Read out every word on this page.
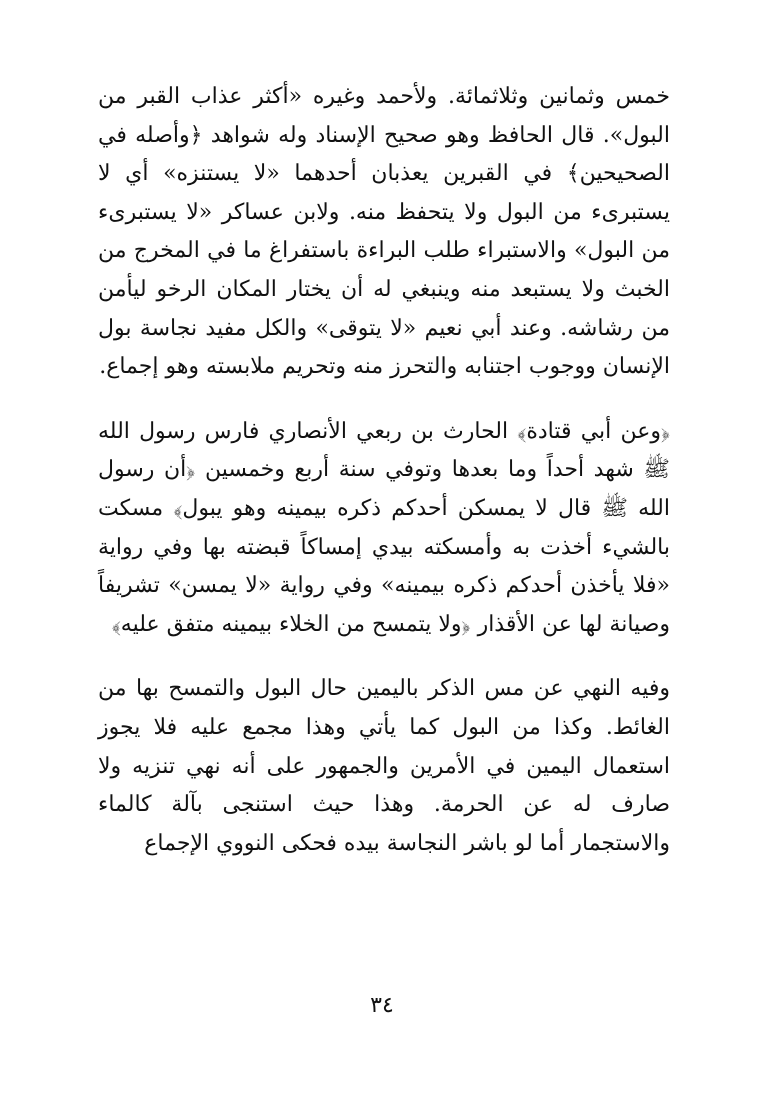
خمس وثمانين وثلاثمائة. ولأحمد وغيره «أكثر عذاب القبر من البول». قال الحافظ وهو صحيح الإسناد وله شواهد ﴿وأصله في الصحيحين﴾ في القبرين يعذبان أحدهما «لا يستنزه» أي لا يستبرىء من البول ولا يتحفظ منه. ولابن عساكر «لا يستبرىء من البول» والاستبراء طلب البراءة باستفراغ ما في المخرج من الخبث ولا يستبعد منه وينبغي له أن يختار المكان الرخو ليأمن من رشاشه. وعند أبي نعيم «لا يتوقى» والكل مفيد نجاسة بول الإنسان ووجوب اجتنابه والتحرز منه وتحريم ملابسته وهو إجماع.

﴿وعن أبي قتادة﴾ الحارث بن ربعي الأنصاري فارس رسول الله ﷺ شهد أحداً وما بعدها وتوفي سنة أربع وخمسين ﴿أن رسول الله ﷺ قال لا يمسكن أحدكم ذكره بيمينه وهو يبول﴾ مسكت بالشيء أخذت به وأمسكته بيدي إمساكاً قبضته بها وفي رواية «فلا يأخذن أحدكم ذكره بيمينه» وفي رواية «لا يمسن» تشريفاً وصيانة لها عن الأقذار ﴿ولا يتمسح من الخلاء بيمينه متفق عليه﴾

وفيه النهي عن مس الذكر باليمين حال البول والتمسح بها من الغائط. وكذا من البول كما يأتي وهذا مجمع عليه فلا يجوز استعمال اليمين في الأمرين والجمهور على أنه نهي تنزيه ولا صارف له عن الحرمة. وهذا حيث استنجى بآلة كالماء والاستجمار أما لو باشر النجاسة بيده فحكى النووي الإجماع

٣٤
